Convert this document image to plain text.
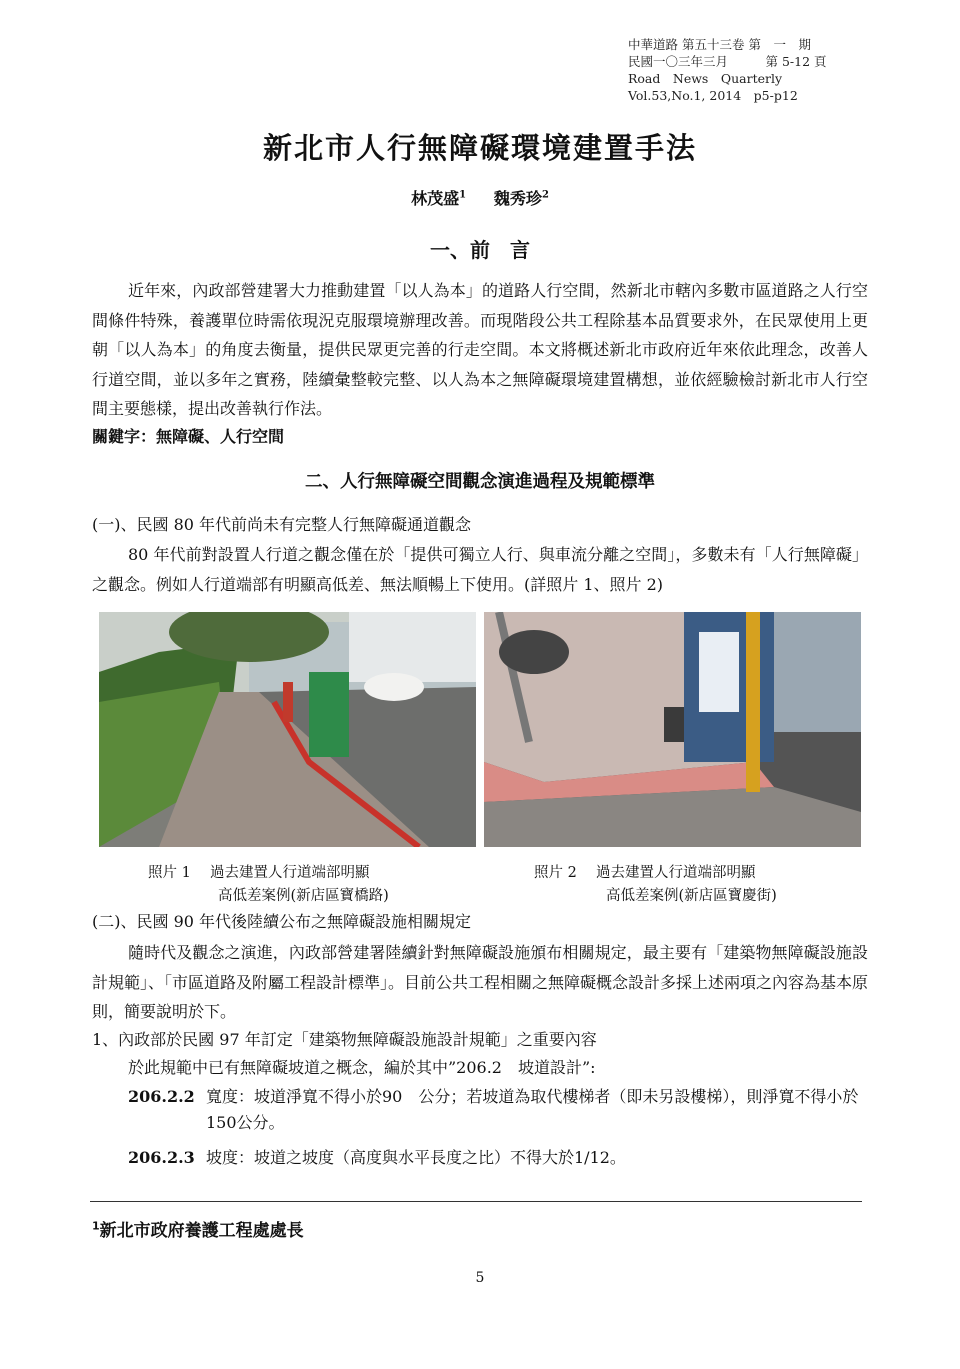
中華道路 第五十三卷 第　一　期
民國一〇三年三月　　　第 5-12 頁
Road　News　Quarterly
Vol.53,No.1, 2014　p5-p12
新北市人行無障礙環境建置手法
林茂盛$^1$ 魏秀珍$^2$
一、前　言
近年來，內政部營建署大力推動建置「以人為本」的道路人行空間，然新北市轄內多數市區道路之人行空間條件特殊，養護單位時需依現況克服環境辦理改善。而現階段公共工程除基本品質要求外，在民眾使用上更朝「以人為本」的角度去衡量，提供民眾更完善的行走空間。本文將概述新北市政府近年來依此理念，改善人行道空間，並以多年之實務，陸續彙整較完整、以人為本之無障礙環境建置構想，並依經驗檢討新北市人行空間主要態樣，提出改善執行作法。
關鍵字：無障礙、人行空間
二、人行無障礙空間觀念演進過程及規範標準
(一)、民國 80 年代前尚未有完整人行無障礙通道觀念
80 年代前對設置人行道之觀念僅在於「提供可獨立人行、與車流分離之空間」，多數未有「人行無障礙」之觀念。例如人行道端部有明顯高低差、無法順暢上下使用。(詳照片 1、照片 2)
照片 1　 過去建置人行道端部明顯
高低差案例(新店區寶橋路)
照片 2　 過去建置人行道端部明顯
高低差案例(新店區寶慶街)
(二)、民國 90 年代後陸續公布之無障礙設施相關規定
隨時代及觀念之演進，內政部營建署陸續針對無障礙設施頒布相關規定，最主要有「建築物無障礙設施設計規範」、「市區道路及附屬工程設計標準」。目前公共工程相關之無障礙概念設計多採上述兩項之內容為基本原則，簡要說明於下。
1、內政部於民國 97 年訂定「建築物無障礙設施設計規範」之重要內容
於此規範中已有無障礙坡道之概念，編於其中”206.2　坡道設計”:
206.2.2 寬度：坡道淨寬不得小於90　公分；若坡道為取代樓梯者（即未另設樓梯），則淨寬不得小於150公分。
206.2.3 坡度：坡道之坡度（高度與水平長度之比）不得大於1/12。
$^1$新北市政府養護工程處處長
5
